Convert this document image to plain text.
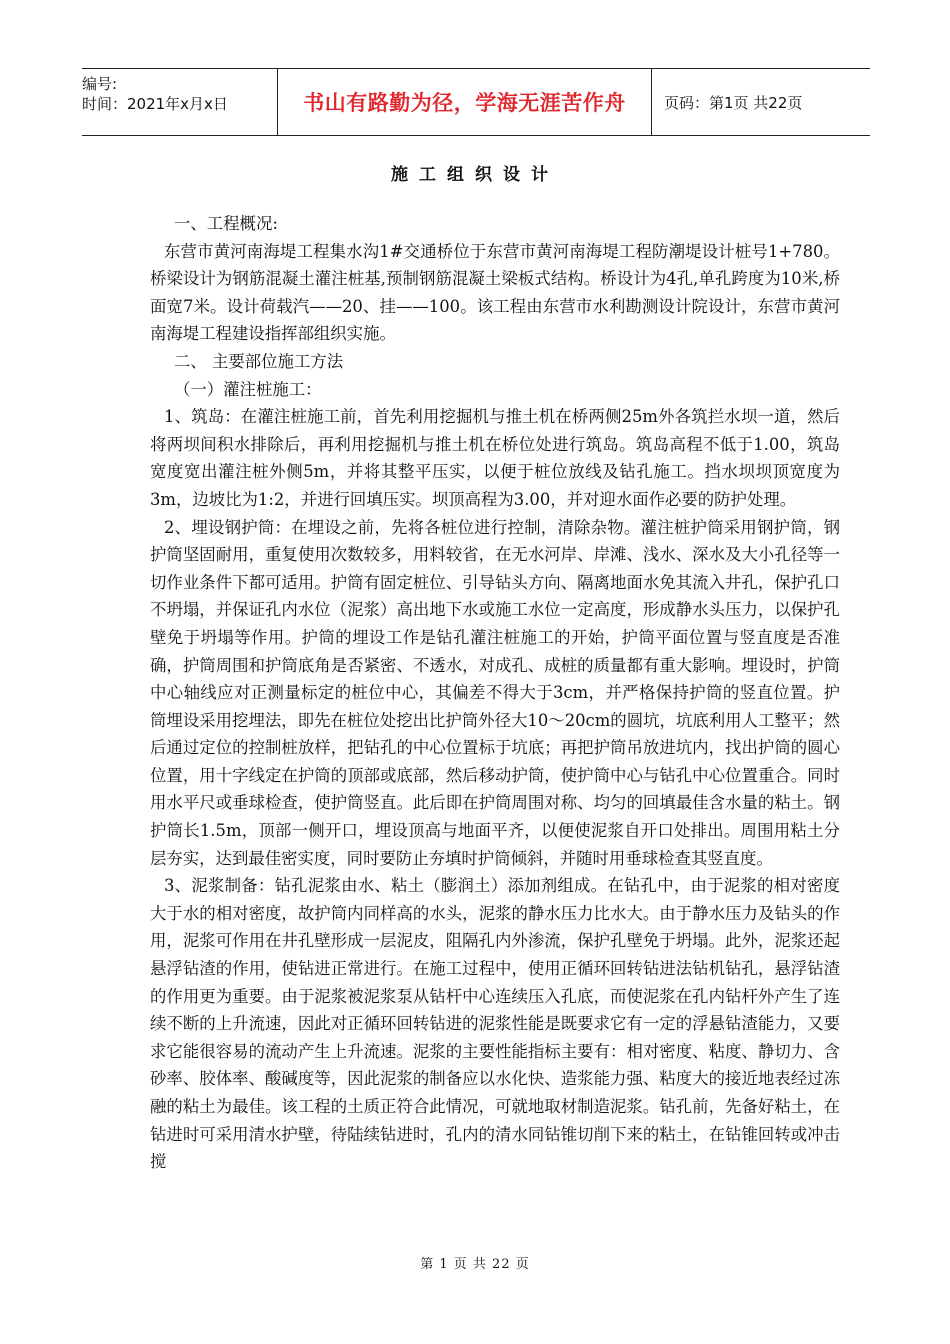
编号:
时间：2021年x月x日	书山有路勤为径，学海无涯苦作舟	页码：第1页 共22页
施工组织设计

一、工程概况:

东营市黄河南海堤工程集水沟1#交通桥位于东营市黄河南海堤工程防潮堤设计桩号1+780。桥梁设计为钢筋混凝土灌注桩基,预制钢筋混凝土梁板式结构。桥设计为4孔,单孔跨度为10米,桥面宽7米。设计荷载汽——20、挂——100。该工程由东营市水利勘测设计院设计，东营市黄河南海堤工程建设指挥部组织实施。

二、 主要部位施工方法

（一）灌注桩施工：

1、筑岛：在灌注桩施工前，首先利用挖掘机与推土机在桥两侧25m外各筑拦水坝一道，然后将两坝间积水排除后，再利用挖掘机与推土机在桥位处进行筑岛。筑岛高程不低于1.00，筑岛宽度宽出灌注桩外侧5m，并将其整平压实，以便于桩位放线及钻孔施工。挡水坝坝顶宽度为3m，边坡比为1:2，并进行回填压实。坝顶高程为3.00，并对迎水面作必要的防护处理。

2、埋设钢护筒：在埋设之前，先将各桩位进行控制，清除杂物。灌注桩护筒采用钢护筒，钢护筒坚固耐用，重复使用次数较多，用料较省，在无水河岸、岸滩、浅水、深水及大小孔径等一切作业条件下都可适用。护筒有固定桩位、引导钻头方向、隔离地面水免其流入井孔，保护孔口不坍塌，并保证孔内水位（泥浆）高出地下水或施工水位一定高度，形成静水头压力，以保护孔壁免于坍塌等作用。护筒的埋设工作是钻孔灌注桩施工的开始，护筒平面位置与竖直度是否准确，护筒周围和护筒底角是否紧密、不透水，对成孔、成桩的质量都有重大影响。埋设时，护筒中心轴线应对正测量标定的桩位中心，其偏差不得大于3cm，并严格保持护筒的竖直位置。护筒埋设采用挖埋法，即先在桩位处挖出比护筒外径大10～20cm的圆坑，坑底利用人工整平；然后通过定位的控制桩放样，把钻孔的中心位置标于坑底；再把护筒吊放进坑内，找出护筒的圆心位置，用十字线定在护筒的顶部或底部，然后移动护筒，使护筒中心与钻孔中心位置重合。同时用水平尺或垂球检查，使护筒竖直。此后即在护筒周围对称、均匀的回填最佳含水量的粘土。钢护筒长1.5m，顶部一侧开口，埋设顶高与地面平齐，以便使泥浆自开口处排出。周围用粘土分层夯实，达到最佳密实度，同时要防止夯填时护筒倾斜，并随时用垂球检查其竖直度。

3、泥浆制备：钻孔泥浆由水、粘土（膨润土）添加剂组成。在钻孔中，由于泥浆的相对密度大于水的相对密度，故护筒内同样高的水头，泥浆的静水压力比水大。由于静水压力及钻头的作用，泥浆可作用在井孔壁形成一层泥皮，阻隔孔内外渗流，保护孔壁免于坍塌。此外，泥浆还起悬浮钻渣的作用，使钻进正常进行。在施工过程中，使用正循环回转钻进法钻机钻孔，悬浮钻渣的作用更为重要。由于泥浆被泥浆泵从钻杆中心连续压入孔底，而使泥浆在孔内钻杆外产生了连续不断的上升流速，因此对正循环回转钻进的泥浆性能是既要求它有一定的浮悬钻渣能力，又要求它能很容易的流动产生上升流速。泥浆的主要性能指标主要有：相对密度、粘度、静切力、含砂率、胶体率、酸碱度等，因此泥浆的制备应以水化快、造浆能力强、粘度大的接近地表经过冻融的粘土为最佳。该工程的土质正符合此情况，可就地取材制造泥浆。钻孔前，先备好粘土，在钻进时可采用清水护壁，待陆续钻进时，孔内的清水同钻锥切削下来的粘土，在钻锥回转或冲击搅

第 1 页 共 22 页
